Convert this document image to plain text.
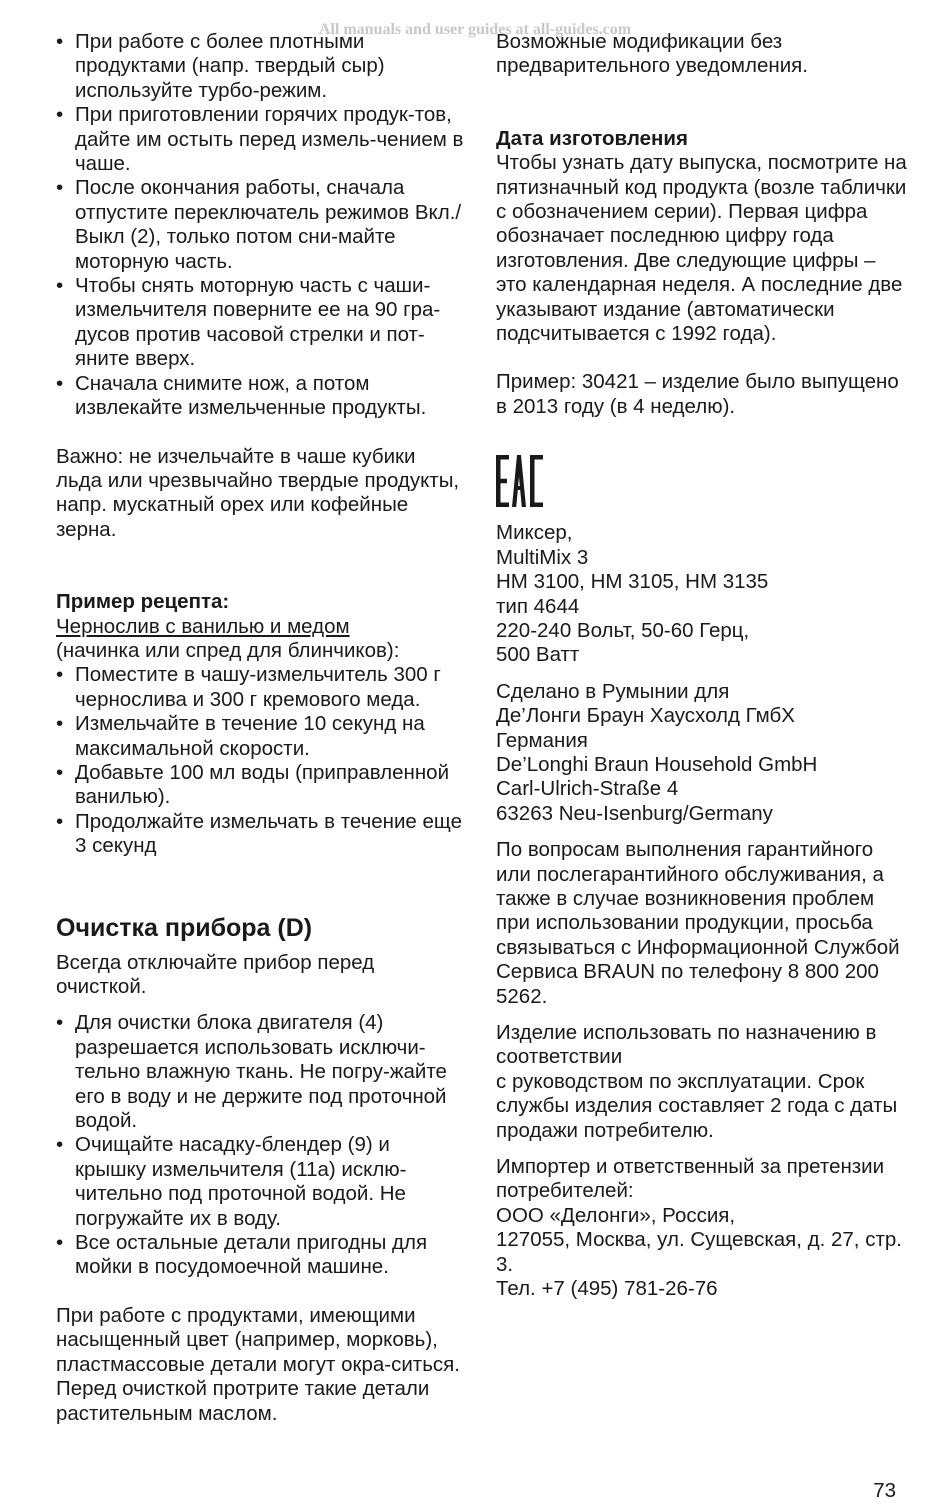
All manuals and user guides at all-guides.com
• При работе с более плотными продуктами (напр. твердый сыр) используйте турбо-режим.
• При приготовлении горячих продук-тов, дайте им остыть перед измель-чением в чаше.
• После окончания работы, сначала отпустите переключатель режимов Вкл./Выкл (2), только потом сни-майте моторную часть.
• Чтобы снять моторную часть с чаши-измельчителя поверните ее на 90 гра-дусов против часовой стрелки и пот-яните вверх.
• Сначала снимите нож, а потом извлекайте измельченные продукты.

Важно: не изчельчайте в чаше кубики льда или чрезвычайно твердые продукты, напр. мускатный орех или кофейные зерна.

Пример рецепта:

Чернослив с ванилью и медом

(начинка или спред для блинчиков):

• Поместите в чашу-измельчитель 300 г чернослива и 300 г кремового меда.
• Измельчайте в течение 10 секунд на максимальной скорости.
• Добавьте 100 мл воды (приправленной ванилью).
• Продолжайте измельчать в течение еще 3 секунд
Очистка прибора (D)

Всегда отключайте прибор перед очисткой.

• Для очистки блока двигателя (4) разрешается использовать исключи-тельно влажную ткань. Не погру-жайте его в воду и не держите под проточной водой.
• Очищайте насадку-блендер (9) и крышку измельчителя (11a) исклю-чительно под проточной водой. Не погружайте их в воду.
• Все остальные детали пригодны для мойки в посудомоечной машине.

При работе с продуктами, имеющими насыщенный цвет (например, морковь), пластмассовые детали могут окра-ситься. Перед очисткой протрите такие детали растительным маслом.

Возможные модификации без предварительного уведомления.

Дата изготовления

Чтобы узнать дату выпуска, посмотрите на пятизначный код продукта (возле таблички с обозначением серии). Первая цифра обозначает последнюю цифру года изготовления. Две следующие цифры – это календарная неделя. А последние две указывают издание (автоматически подсчитывается с 1992 года).

Пример: 30421 – изделие было выпущено в 2013 году (в 4 неделю).

Миксер,

MultiMix 3

HM 3100, HM 3105, HM 3135

тип 4644

220-240 Вольт, 50-60 Герц,

500 Ватт

Сделано в Румынии для

Де’Лонги Браун Хаусхолд ГмбХ

Германия

De’Longhi Braun Household GmbH

Carl-Ulrich-Straße 4

63263 Neu-Isenburg/Germany

По вопросам выполнения гарантийного или послегарантийного обслуживания, а также в случае возникновения проблем при использовании продукции, просьба связываться с Информационной Службой Сервиса BRAUN по телефону 8 800 200 5262.

Изделие использовать по назначению в соответствии

с руководством по эксплуатации. Срок службы изделия составляет 2 года с даты продажи потребителю.

Импортер и ответственный за претензии потребителей:

ООО «Делонги», Россия,

127055, Москва, ул. Сущевская, д. 27, стр. 3.

Тел. +7 (495) 781-26-76

73
